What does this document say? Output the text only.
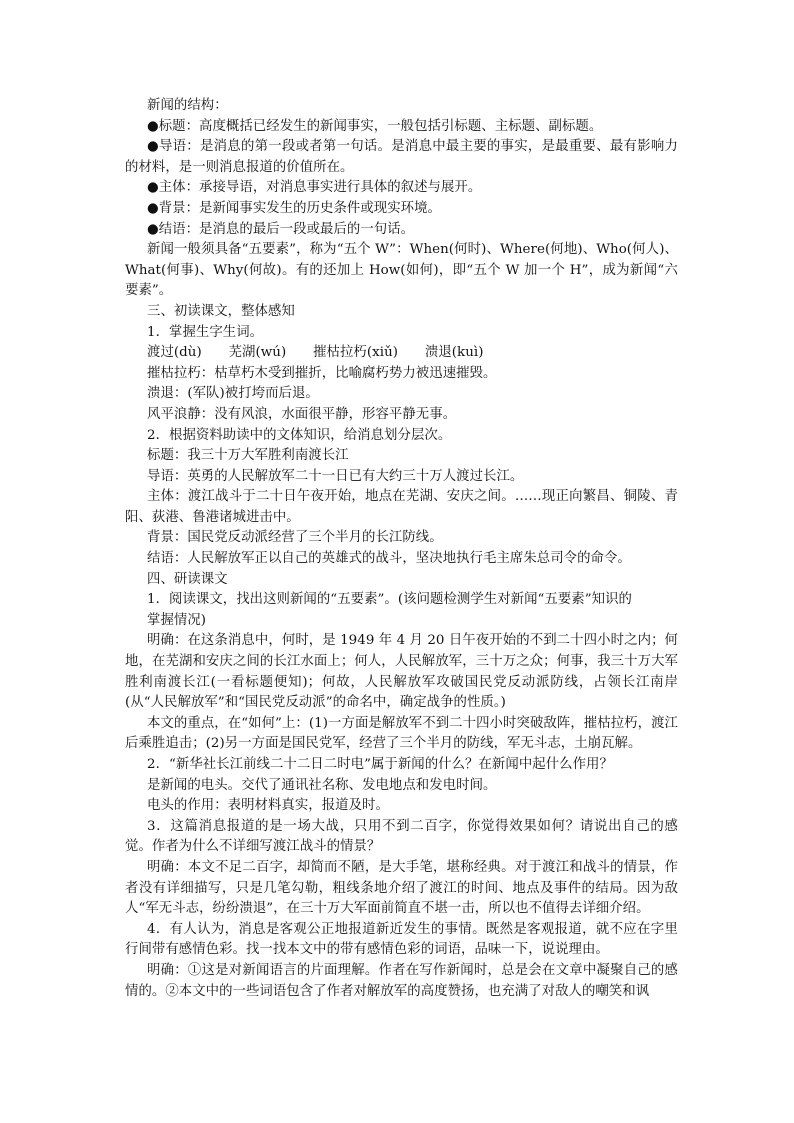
新闻的结构：

●标题：高度概括已经发生的新闻事实，一般包括引标题、主标题、副标题。

●导语：是消息的第一段或者第一句话。是消息中最主要的事实，是最重要、最有影响力的材料，是一则消息报道的价值所在。

●主体：承接导语，对消息事实进行具体的叙述与展开。

●背景：是新闻事实发生的历史条件或现实环境。

●结语：是消息的最后一段或最后的一句话。

新闻一般须具备“五要素”，称为“五个 W”：When(何时)、Where(何地)、Who(何人)、What(何事)、Why(何故)。有的还加上 How(如何)，即“五个 W 加一个 H”，成为新闻“六要素”。

三、初读课文，整体感知

1．掌握生字生词。

渡过(dù)　　芜湖(wú)　　摧枯拉朽(xiǔ)　　溃退(kuì)

摧枯拉朽：枯草朽木受到摧折，比喻腐朽势力被迅速摧毁。

溃退：(军队)被打垮而后退。

风平浪静：没有风浪，水面很平静，形容平静无事。

2．根据资料助读中的文体知识，给消息划分层次。

标题：我三十万大军胜利南渡长江

导语：英勇的人民解放军二十一日已有大约三十万人渡过长江。

主体：渡江战斗于二十日午夜开始，地点在芜湖、安庆之间。……现正向繁昌、铜陵、青阳、荻港、鲁港诸城进击中。

背景：国民党反动派经营了三个半月的长江防线。

结语：人民解放军正以自己的英雄式的战斗，坚决地执行毛主席朱总司令的命令。

四、研读课文

1．阅读课文，找出这则新闻的“五要素”。(该问题检测学生对新闻“五要素”知识的

掌握情况)

明确：在这条消息中，何时，是 1949 年 4 月 20 日午夜开始的不到二十四小时之内；何地，在芜湖和安庆之间的长江水面上；何人，人民解放军，三十万之众；何事，我三十万大军胜利南渡长江(一看标题便知)；何故，人民解放军攻破国民党反动派防线，占领长江南岸(从“人民解放军”和“国民党反动派”的命名中，确定战争的性质。)

本文的重点，在“如何”上：(1)一方面是解放军不到二十四小时突破敌阵，摧枯拉朽，渡江后乘胜追击；(2)另一方面是国民党军，经营了三个半月的防线，军无斗志，土崩瓦解。

2．“新华社长江前线二十二日二时电”属于新闻的什么？在新闻中起什么作用？

是新闻的电头。交代了通讯社名称、发电地点和发电时间。

电头的作用：表明材料真实，报道及时。

3．这篇消息报道的是一场大战，只用不到二百字，你觉得效果如何？请说出自己的感觉。作者为什么不详细写渡江战斗的情景？

明确：本文不足二百字，却简而不陋，是大手笔，堪称经典。对于渡江和战斗的情景，作者没有详细描写，只是几笔勾勒，粗线条地介绍了渡江的时间、地点及事件的结局。因为敌人“军无斗志，纷纷溃退”，在三十万大军面前简直不堪一击，所以也不值得去详细介绍。

4．有人认为，消息是客观公正地报道新近发生的事情。既然是客观报道，就不应在字里行间带有感情色彩。找一找本文中的带有感情色彩的词语，品味一下，说说理由。

明确：①这是对新闻语言的片面理解。作者在写作新闻时，总是会在文章中凝聚自己的感情的。②本文中的一些词语包含了作者对解放军的高度赞扬，也充满了对敌人的嘲笑和讽
